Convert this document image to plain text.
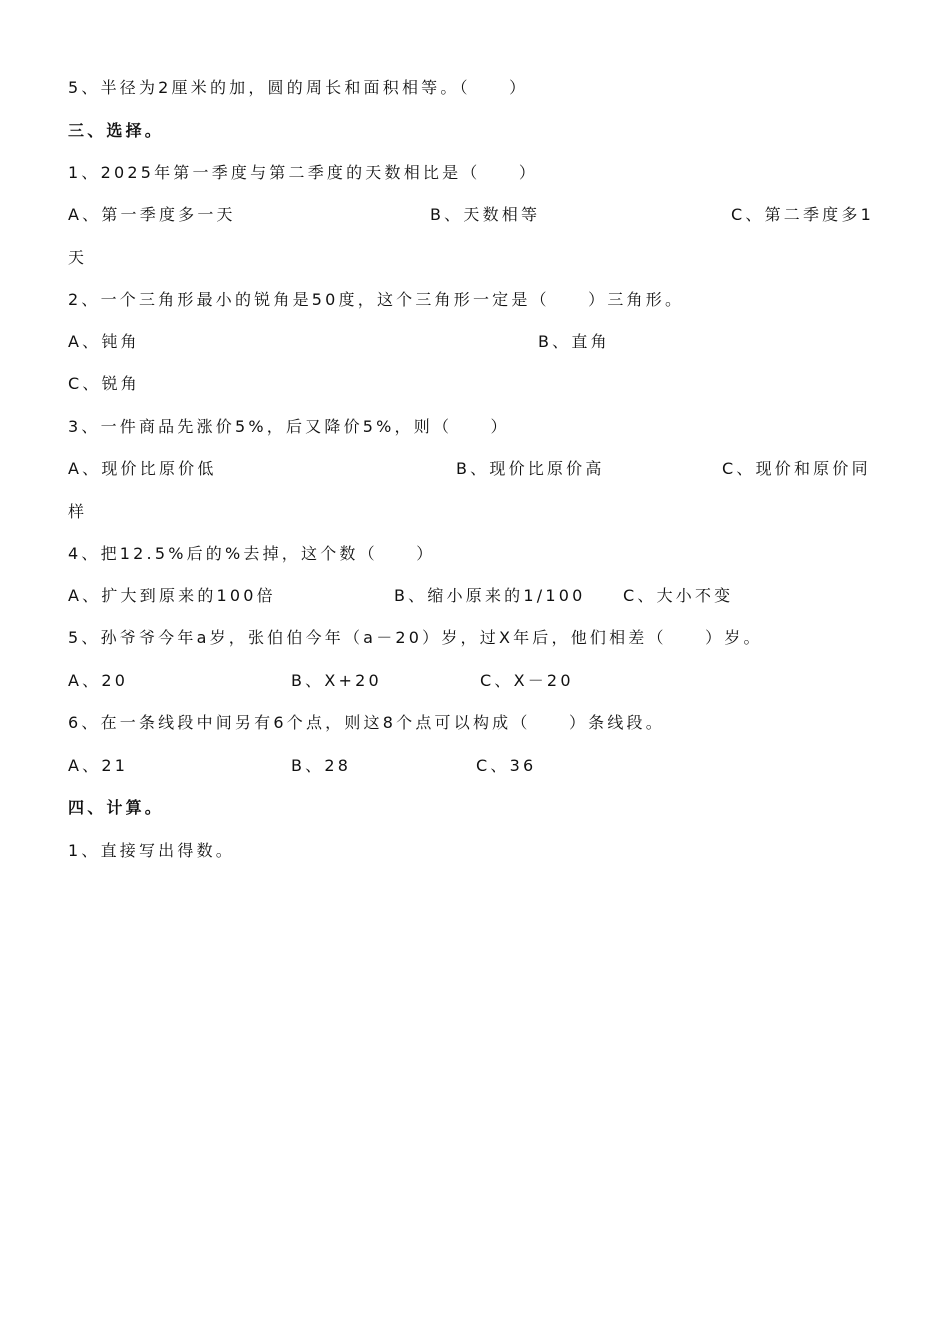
5、半径为2厘米的加，圆的周长和面积相等。（　　）
三、选择。
1、2025年第一季度与第二季度的天数相比是（　　）
A、第一季度多一天	B、天数相等	C、第二季度多1
天
2、一个三角形最小的锐角是50度，这个三角形一定是（　　）三角形。
A、钝角	B、直角
C、锐角
3、一件商品先涨价5%，后又降价5%，则（　　）
A、现价比原价低	B、现价比原价高	C、现价和原价同
样
4、把12.5%后的%去掉，这个数（　　）
A、扩大到原来的100倍	B、缩小原来的1/100 C、大小不变
5、孙爷爷今年a岁，张伯伯今年（a－20）岁，过X年后，他们相差（　　）岁。
A、20	B、X+20	C、X－20
6、在一条线段中间另有6个点，则这8个点可以构成（　　）条线段。
A、21	B、28	C、36
四、计算。
1、直接写出得数。
